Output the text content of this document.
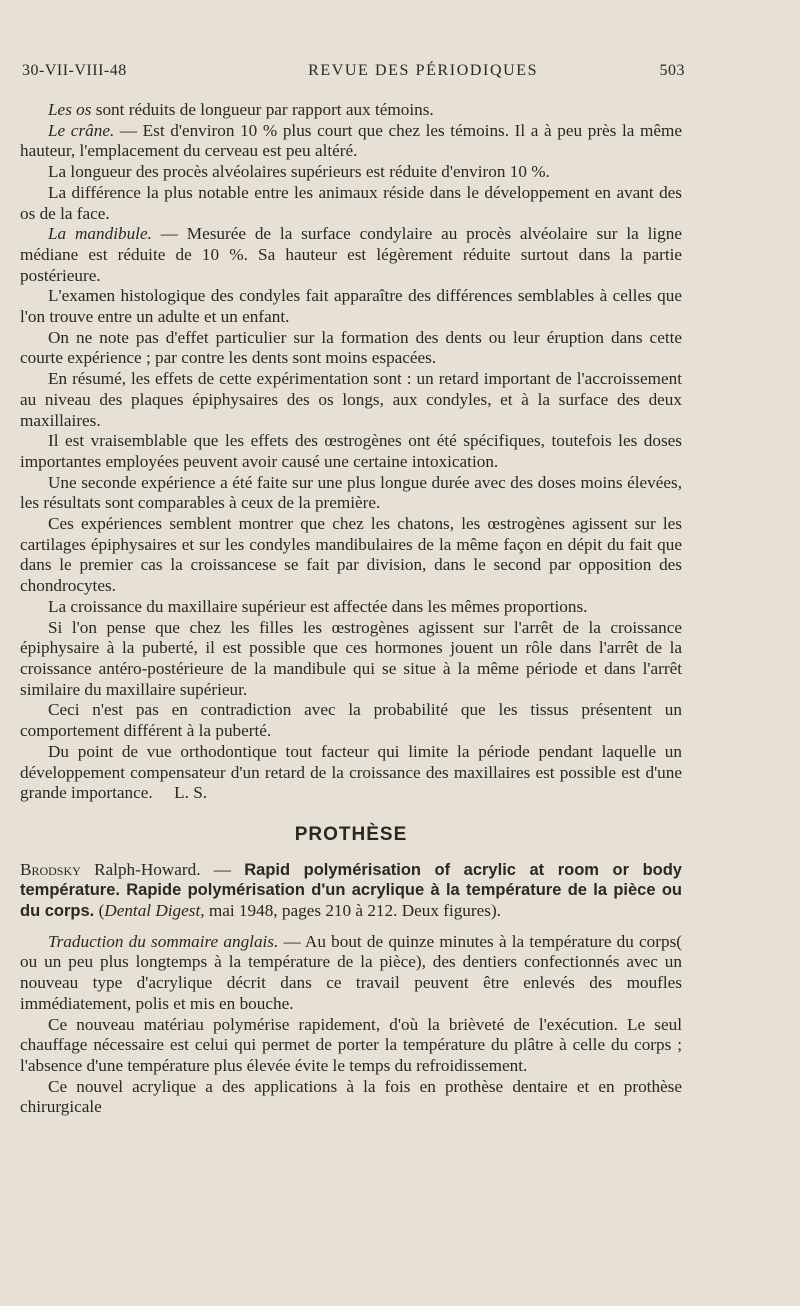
30-VII-VIII-48	REVUE DES PÉRIODIQUES	503

Les os sont réduits de longueur par rapport aux témoins.

Le crâne. — Est d'environ 10 % plus court que chez les témoins. Il a à peu près la même hauteur, l'emplacement du cerveau est peu altéré.

La longueur des procès alvéolaires supérieurs est réduite d'environ 10 %.

La différence la plus notable entre les animaux réside dans le développement en avant des os de la face.

La mandibule. — Mesurée de la surface condylaire au procès alvéolaire sur la ligne médiane est réduite de 10 %. Sa hauteur est légèrement réduite surtout dans la partie postérieure.

L'examen histologique des condyles fait apparaître des différences semblables à celles que l'on trouve entre un adulte et un enfant.

On ne note pas d'effet particulier sur la formation des dents ou leur éruption dans cette courte expérience ; par contre les dents sont moins espacées.

En résumé, les effets de cette expérimentation sont : un retard important de l'accroissement au niveau des plaques épiphysaires des os longs, aux condyles, et à la surface des deux maxillaires.

Il est vraisemblable que les effets des œstrogènes ont été spécifiques, toutefois les doses importantes employées peuvent avoir causé une certaine intoxication.

Une seconde expérience a été faite sur une plus longue durée avec des doses moins élevées, les résultats sont comparables à ceux de la première.

Ces expériences semblent montrer que chez les chatons, les œstrogènes agissent sur les cartilages épiphysaires et sur les condyles mandibulaires de la même façon en dépit du fait que dans le premier cas la croissancese se fait par division, dans le second par opposition des chondrocytes.

La croissance du maxillaire supérieur est affectée dans les mêmes proportions.

Si l'on pense que chez les filles les œstrogènes agissent sur l'arrêt de la croissance épiphysaire à la puberté, il est possible que ces hormones jouent un rôle dans l'arrêt de la croissance antéro-postérieure de la mandibule qui se situe à la même période et dans l'arrêt similaire du maxillaire supérieur.

Ceci n'est pas en contradiction avec la probabilité que les tissus présentent un comportement différent à la puberté.

Du point de vue orthodontique tout facteur qui limite la période pendant laquelle un développement compensateur d'un retard de la croissance des maxillaires est possible est d'une grande importance. L. S.

PROTHÈSE

Brodsky Ralph-Howard. — Rapid polymérisation of acrylic at room or body température. Rapide polymérisation d'un acrylique à la température de la pièce ou du corps. (Dental Digest, mai 1948, pages 210 à 212. Deux figures).

Traduction du sommaire anglais. — Au bout de quinze minutes à la température du corps( ou un peu plus longtemps à la température de la pièce), des dentiers confectionnés avec un nouveau type d'acrylique décrit dans ce travail peuvent être enlevés des moufles immédiatement, polis et mis en bouche.

Ce nouveau matériau polymérise rapidement, d'où la brièveté de l'exécution. Le seul chauffage nécessaire est celui qui permet de porter la température du plâtre à celle du corps ; l'absence d'une température plus élevée évite le temps du refroidissement.

Ce nouvel acrylique a des applications à la fois en prothèse dentaire et en prothèse chirurgicale
